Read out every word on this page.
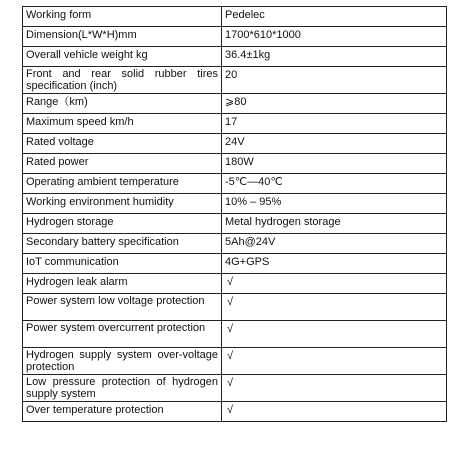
Working form	Pedelec

Dimension(L*W*H)mm	1700*610*1000

Overall vehicle weight kg	36.4±1kg

Front and rear solid rubber tires specification (inch)	20

Range（km)	⩾80

Maximum speed km/h	17

Rated voltage	24V

Rated power	180W

Operating ambient temperature	-5℃—40℃

Working environment humidity	10% – 95%

Hydrogen storage	Metal hydrogen storage

Secondary battery specification	5Ah@24V

IoT communication	4G+GPS

Hydrogen leak alarm	√

Power system low voltage protection	√

Power system overcurrent protection	√

Hydrogen supply system over-voltage protection	√

Low pressure protection of hydrogen supply system	√

Over temperature protection	√
